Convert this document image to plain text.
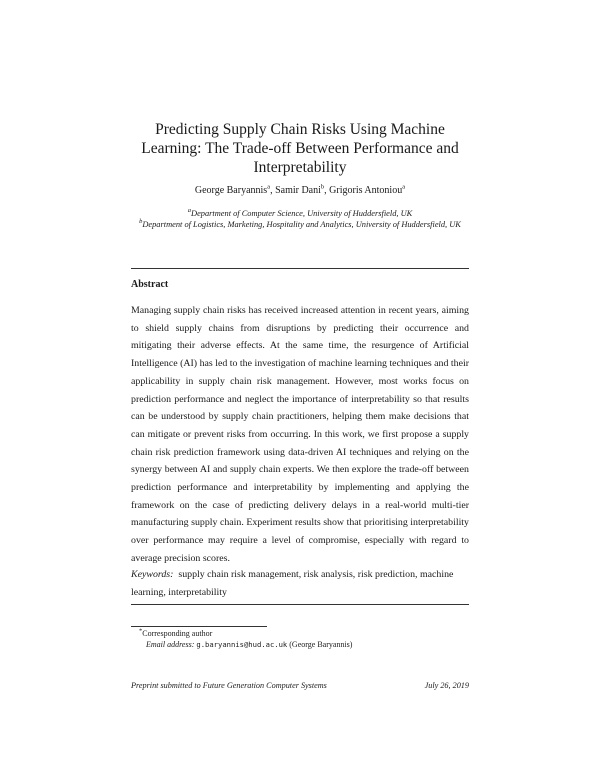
Predicting Supply Chain Risks Using Machine
Learning: The Trade-off Between Performance and
Interpretability
George Baryannis$^a$, Samir Dani$^b$, Grigoris Antoniou$^a$
$^a$Department of Computer Science, University of Huddersfield, UK
$^b$Department of Logistics, Marketing, Hospitality and Analytics, University of Huddersfield, UK
Abstract
Managing supply chain risks has received increased attention in recent years, aiming to shield supply chains from disruptions by predicting their occurrence and mitigating their adverse effects. At the same time, the resurgence of Artificial Intelligence (AI) has led to the investigation of machine learning techniques and their applicability in supply chain risk management. However, most works focus on prediction performance and neglect the importance of interpretability so that results can be understood by supply chain practitioners, helping them make decisions that can mitigate or prevent risks from occurring. In this work, we first propose a supply chain risk prediction framework using data-driven AI techniques and relying on the synergy between AI and supply chain experts. We then explore the trade-off between prediction performance and interpretability by implementing and applying the framework on the case of predicting delivery delays in a real-world multi-tier manufacturing supply chain. Experiment results show that prioritising interpretability over performance may require a level of compromise, especially with regard to average precision scores.
Keywords: supply chain risk management, risk analysis, risk prediction, machine learning, interpretability
*Corresponding author
Email address: g.baryannis@hud.ac.uk (George Baryannis)
Preprint submitted to Future Generation Computer Systems	July 26, 2019
